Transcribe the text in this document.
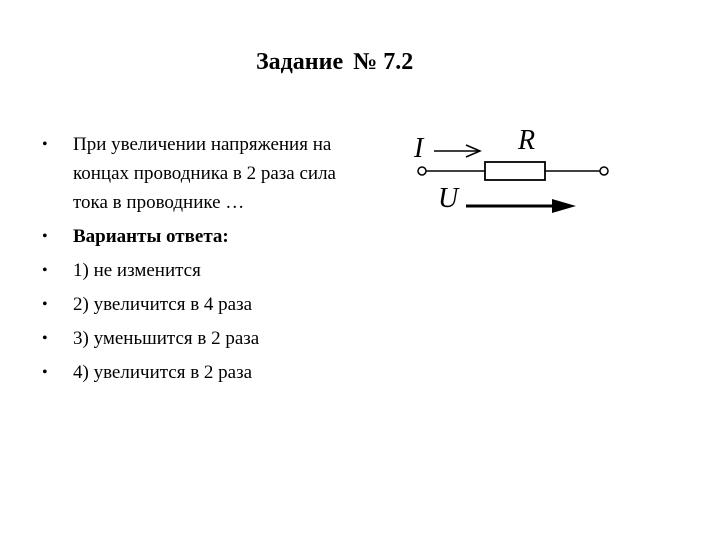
Задание № 7.2
• При увеличении напряжения на концах проводника в 2 раза сила тока в проводнике …
• Варианты ответа:
• 1) не изменится
• 2) увеличится в 4 раза
• 3) уменьшится в 2 раза
• 4) увеличится в 2 раза
I	R
U
